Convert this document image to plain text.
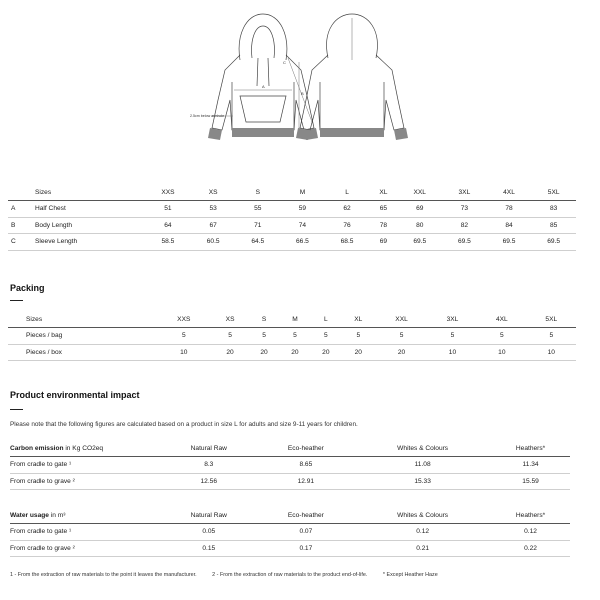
A
B
C
2.5cm below armhole
	Sizes	XXS	XS	S	M	L	XL	XXL	3XL	4XL	5XL
A	Half Chest	51	53	55	59	62	65	69	73	78	83
B	Body Length	64	67	71	74	76	78	80	82	84	85
C	Sleeve Length	58.5	60.5	64.5	66.5	68.5	69	69.5	69.5	69.5	69.5
Packing
Sizes	XXS	XS	S	M	L	XL	XXL	3XL	4XL	5XL
Pieces / bag	5	5	5	5	5	5	5	5	5	5
Pieces / box	10	20	20	20	20	20	20	10	10	10
Product environmental impact
Please note that the following figures are calculated based on a product in size L for adults and size 9-11 years for children.
Carbon emission in Kg CO2eq	Natural Raw	Eco-heather	Whites & Colours	Heathers*
From cradle to gate ¹	8.3	8.65	11.08	11.34
From cradle to grave ²	12.56	12.91	15.33	15.59
Water usage in m³	Natural Raw	Eco-heather	Whites & Colours	Heathers*
From cradle to gate ¹	0.05	0.07	0.12	0.12
From cradle to grave ²	0.15	0.17	0.21	0.22
1 - From the extraction of raw materials to the point it leaves the manufacturer.	2 - From the extraction of raw materials to the product end-of-life.	* Except Heather Haze
